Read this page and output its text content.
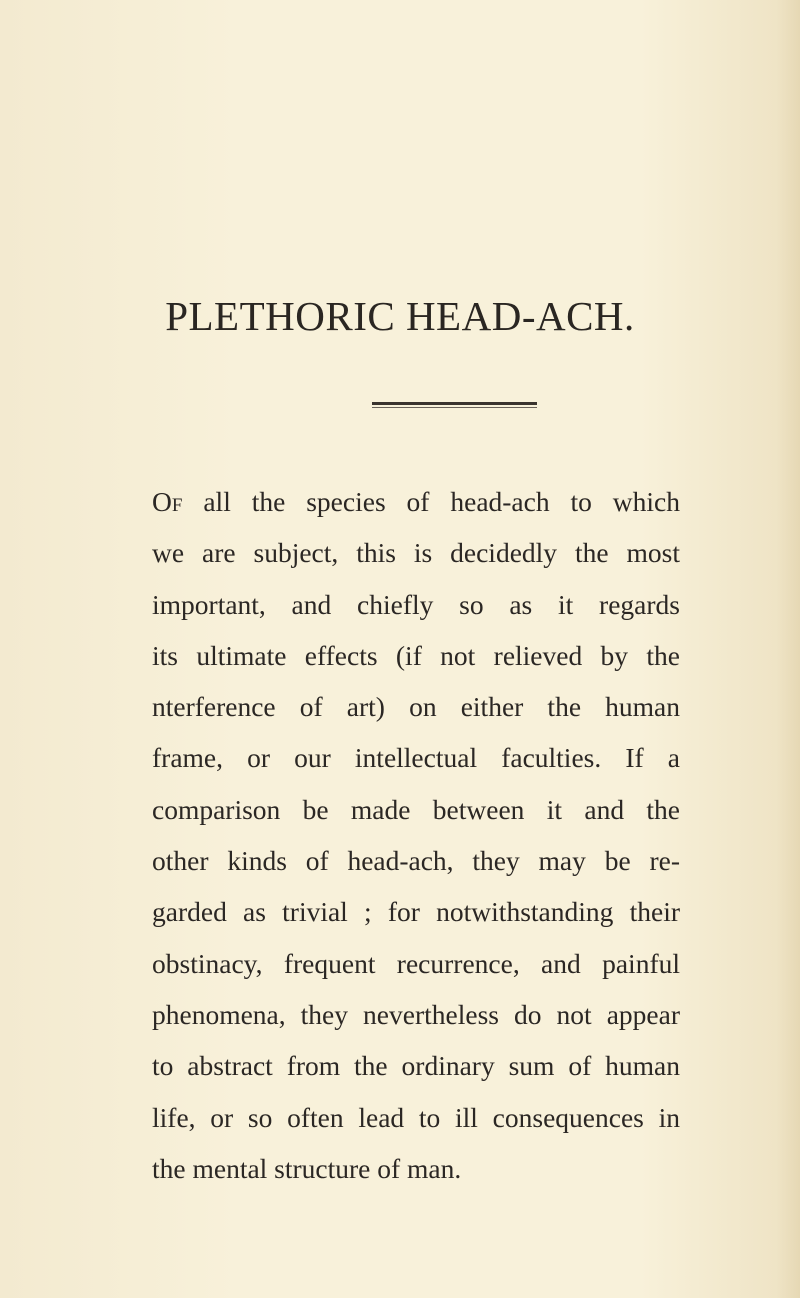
PLETHORIC HEAD-ACH.
Of all the species of head-ach to which
we are subject, this is decidedly the most
important, and chiefly so as it regards
its ultimate effects (if not relieved by the
nterference of art) on either the human
frame, or our intellectual faculties. If a
comparison be made between it and the
other kinds of head-ach, they may be re-
garded as trivial ; for notwithstanding their
obstinacy, frequent recurrence, and painful
phenomena, they nevertheless do not appear
to abstract from the ordinary sum of human
life, or so often lead to ill consequences in
the mental structure of man.
